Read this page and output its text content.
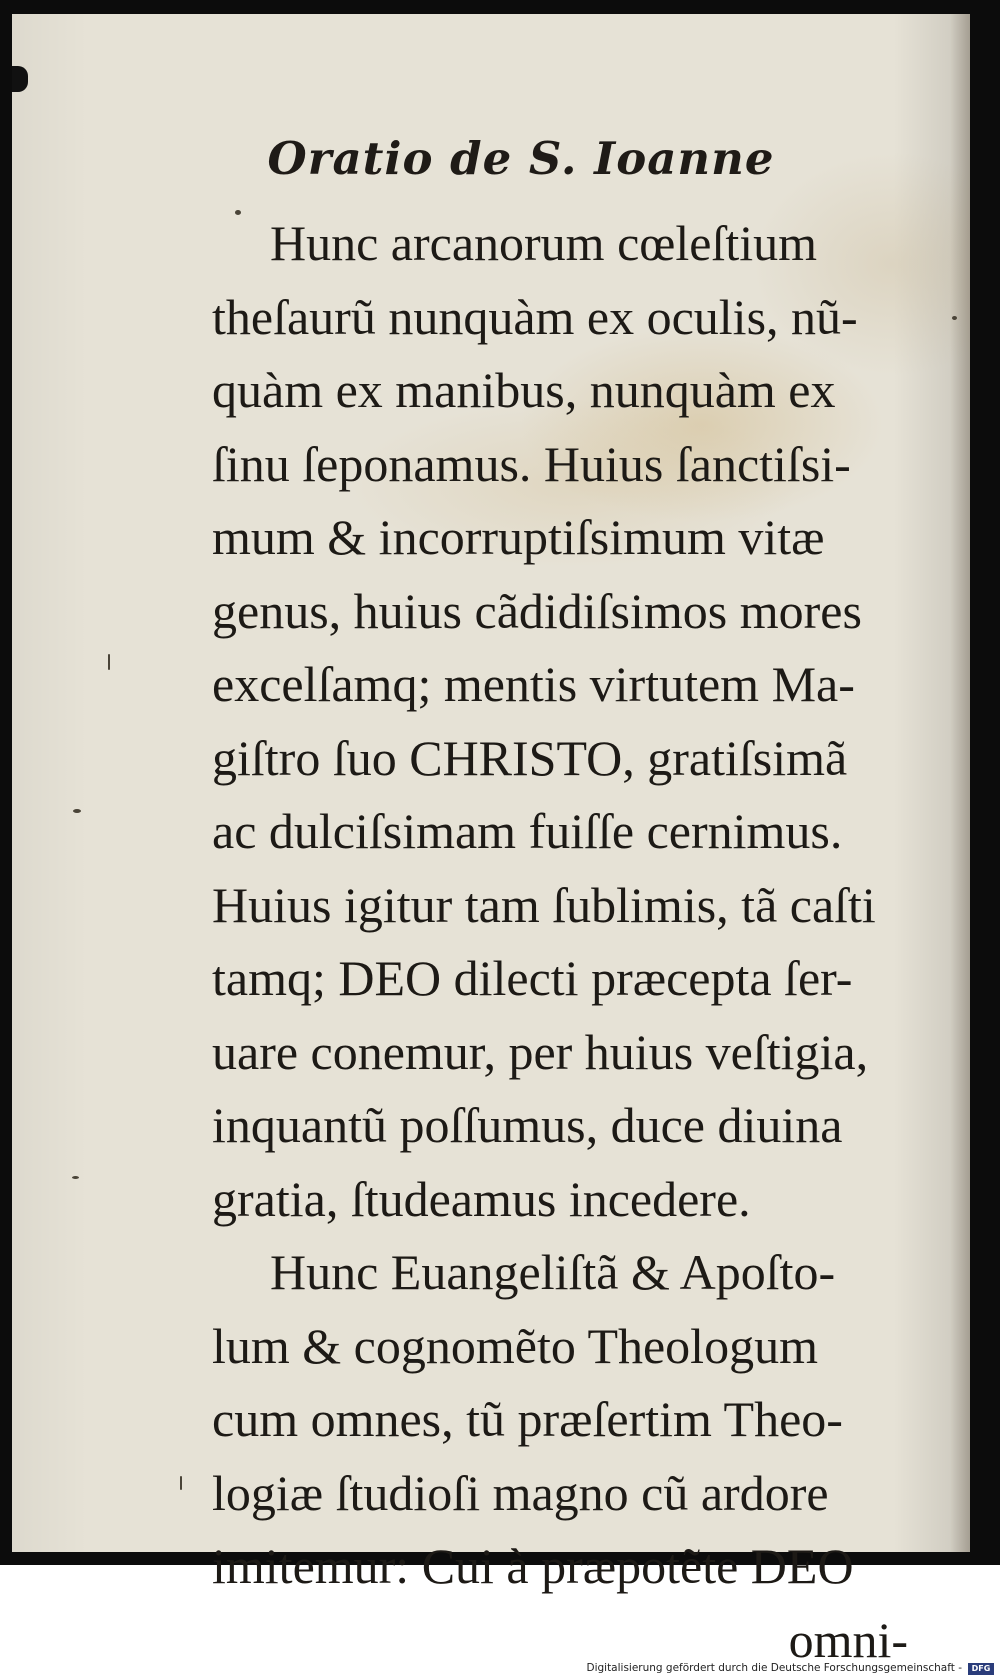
Oratio de S. Ioanne
Hunc arcanorum cœleſtium
theſaurũ nunquàm ex oculis, nũ-
quàm ex manibus, nunquàm ex
ſinu ſeponamus. Huius ſanctiſsi-
mum & incorruptiſsimum vitæ
genus, huius cãdidiſsimos mores
excelſamq; mentis virtutem Ma-
giſtro ſuo CHRISTO, gratiſsimã
ac dulciſsimam fuiſſe cernimus.
Huius igitur tam ſublimis, tã caſti
tamq; DEO dilecti præcepta ſer-
uare conemur, per huius veſtigia,
inquantũ poſſumus, duce diuina
gratia, ſtudeamus incedere.
Hunc Euangeliſtã & Apoſto-
lum & cognomẽto Theologum
cum omnes, tũ præſertim Theo-
logiæ ſtudioſi magno cũ ardore
imitemur: Cui à præpotẽte DEO
omni-
Digitalisierung gefördert durch die Deutsche Forschungsgemeinschaft -	DFG
